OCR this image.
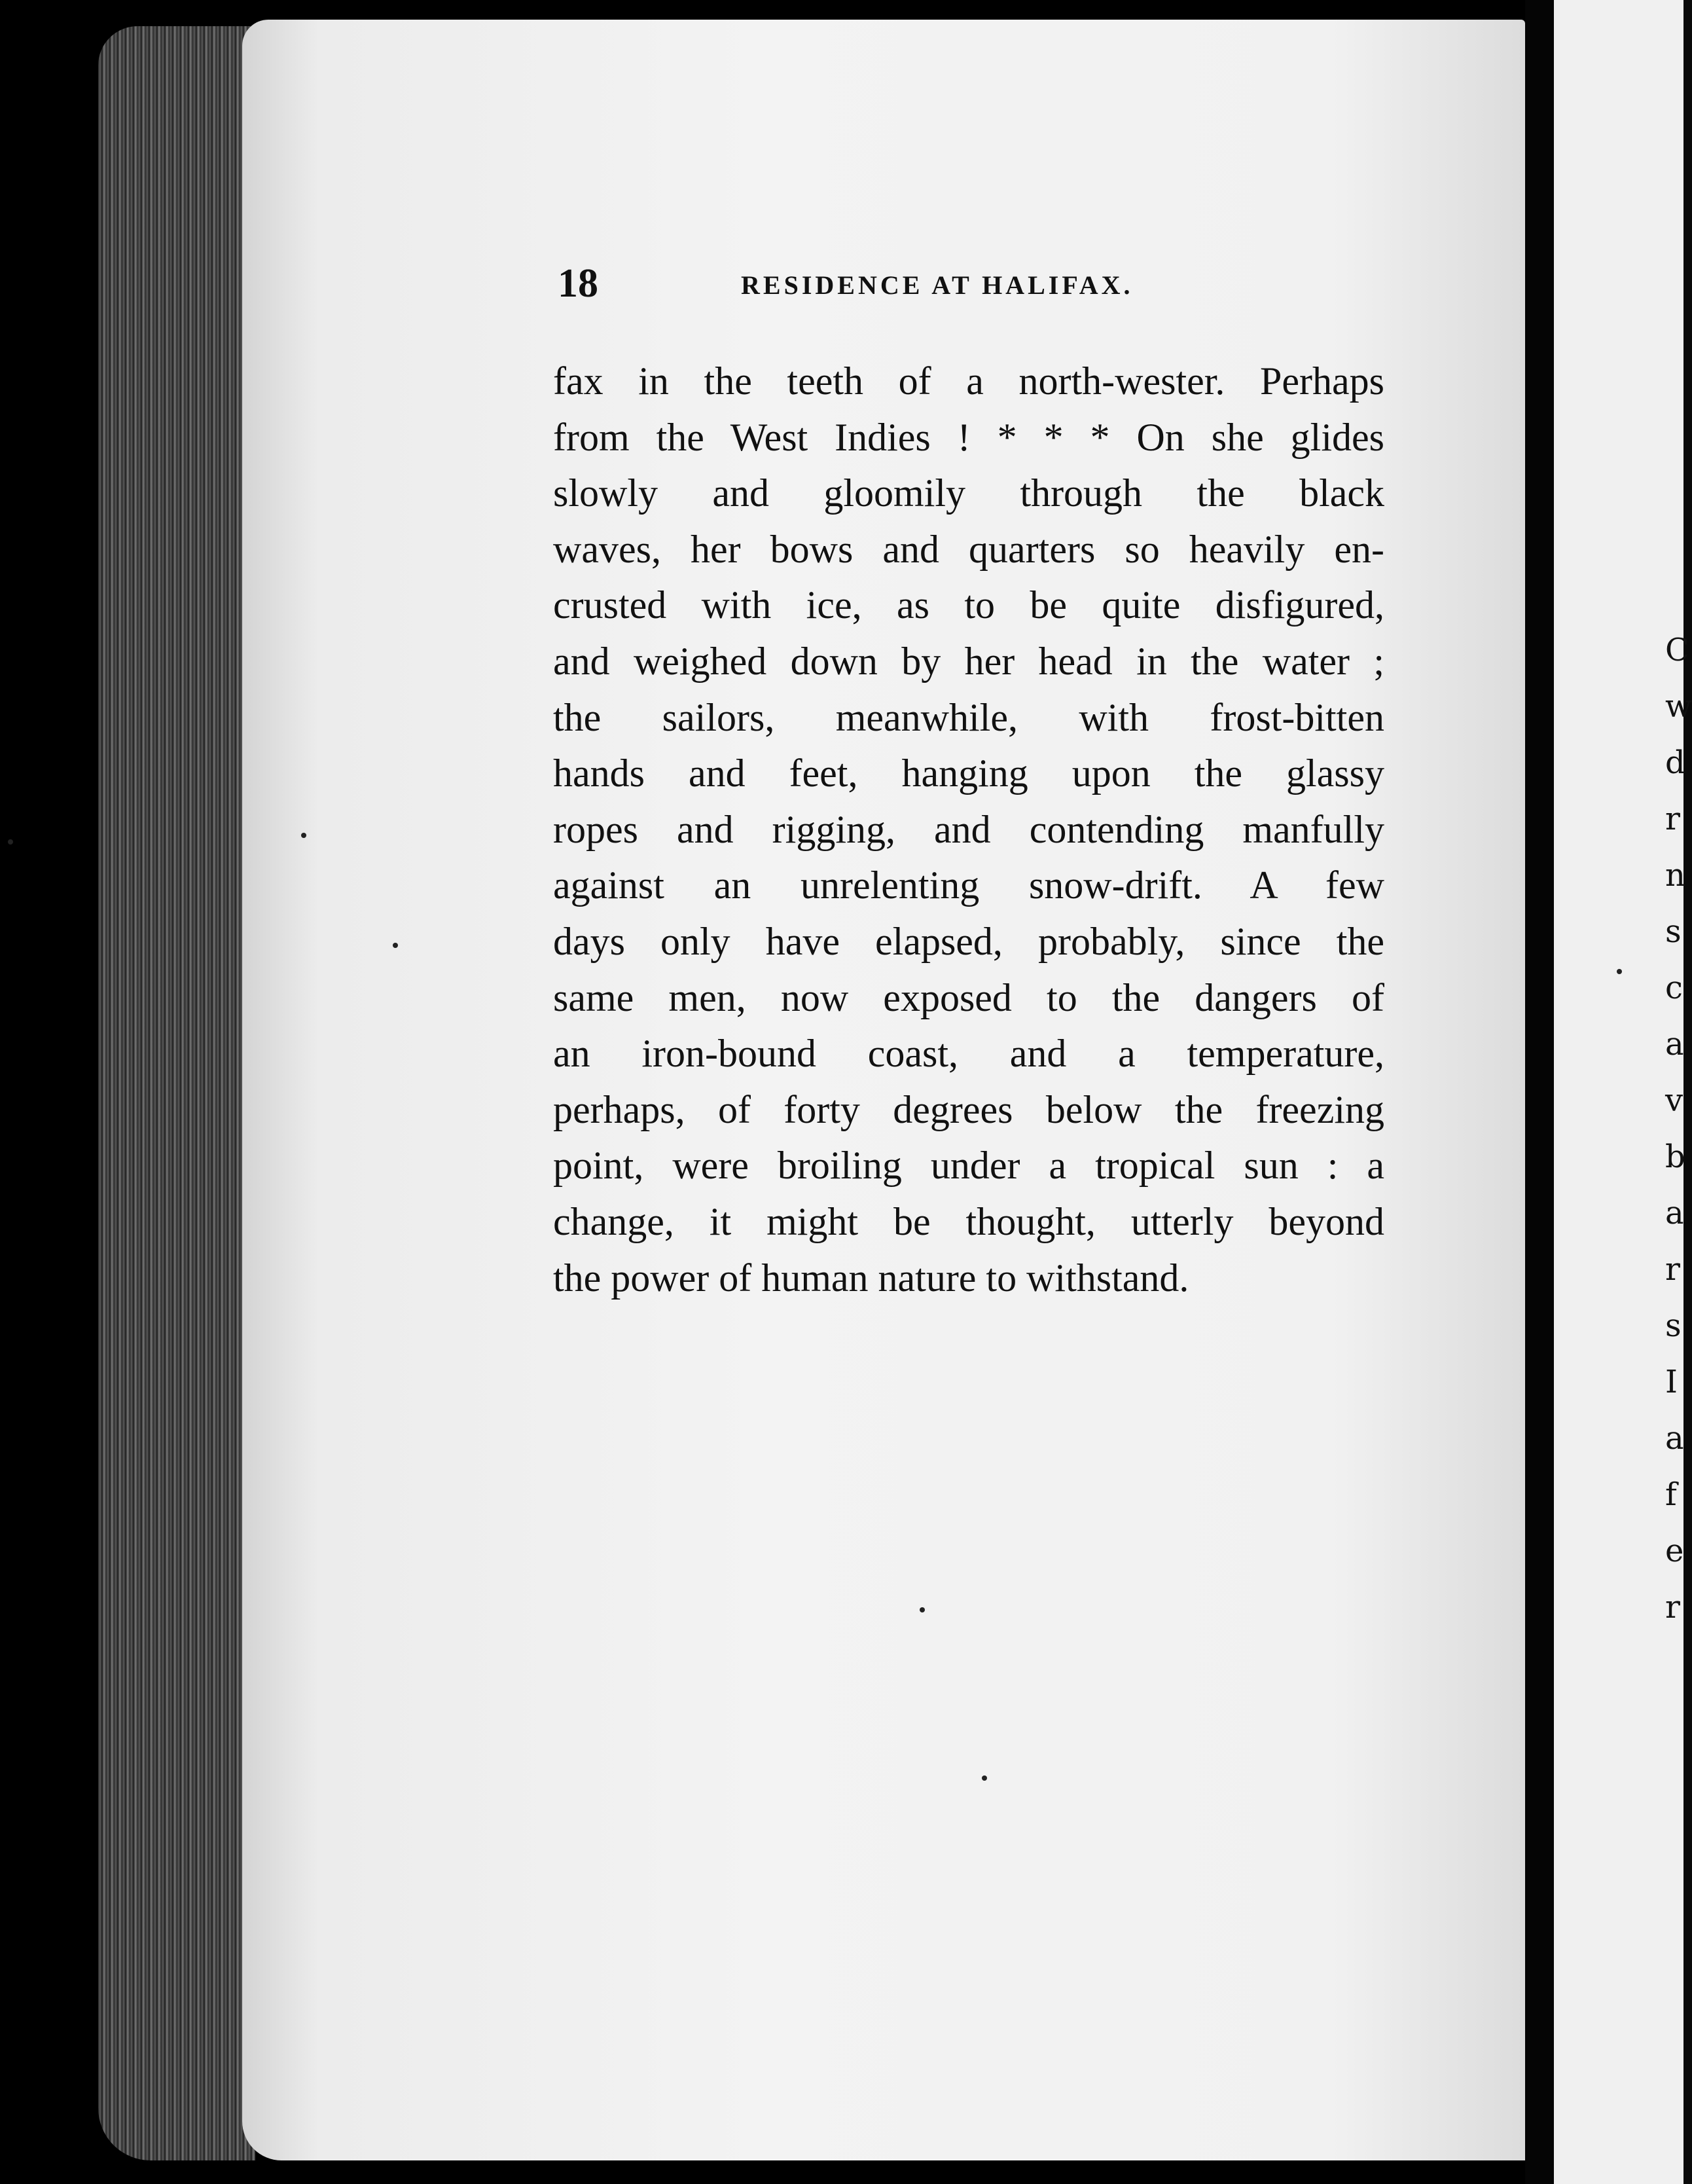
18	RESIDENCE AT HALIFAX.
fax in the teeth of a north-wester. Perhaps
from the West Indies ! * * * On she glides
slowly and gloomily through the black
waves, her bows and quarters so heavily en-
crusted with ice, as to be quite disfigured,
and weighed down by her head in the water ;
the sailors, meanwhile, with frost-bitten
hands and feet, hanging upon the glassy
ropes and rigging, and contending manfully
against an unrelenting snow-drift. A few
days only have elapsed, probably, since the
same men, now exposed to the dangers of
an iron-bound coast, and a temperature,
perhaps, of forty degrees below the freezing
point, were broiling under a tropical sun : a
change, it might be thought, utterly beyond
the power of human nature to withstand.
C
w
d
r
n
s
c
a
v
b
a
r
s
I
a
f
e
r
